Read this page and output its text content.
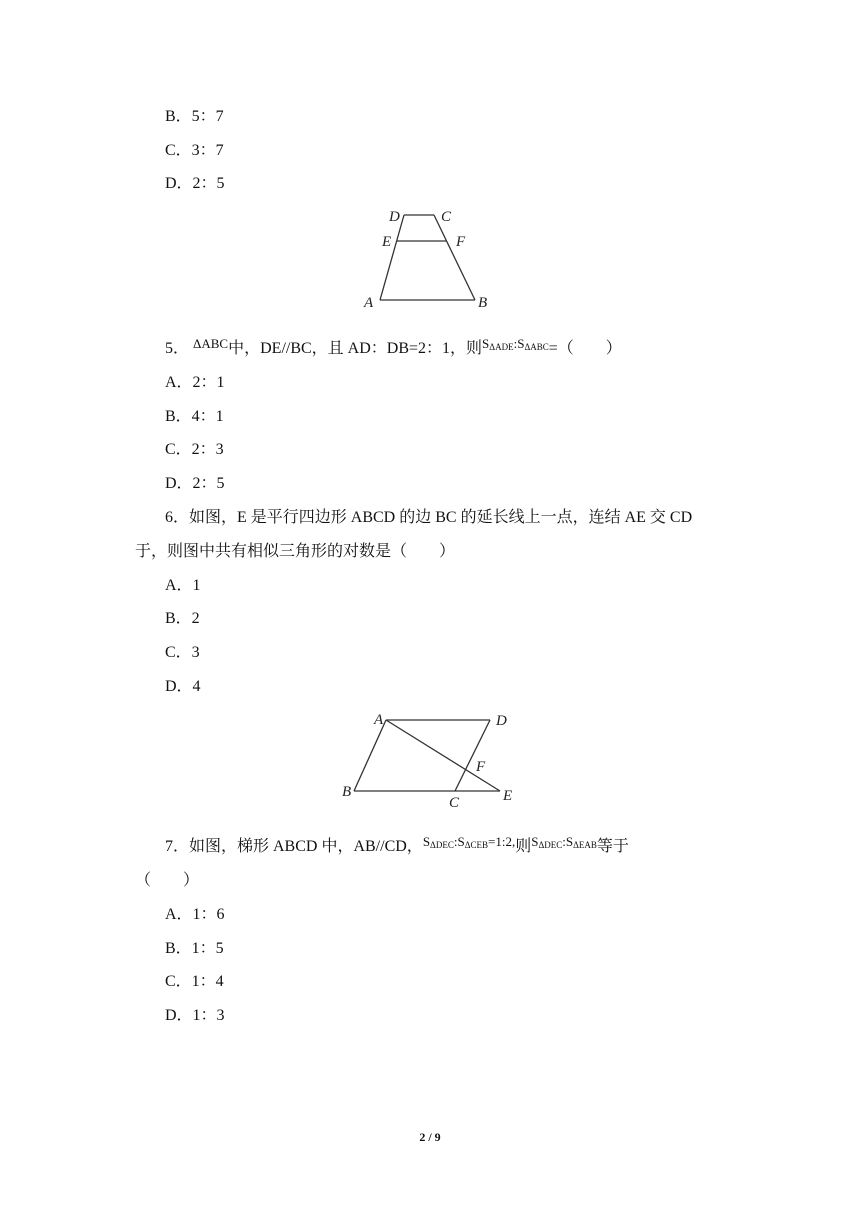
B．5：7
C．3：7
D．2：5
D	C
E	F
A	B
5． $^{\Delta ABC}$中，DE//BC，且 AD：DB=2：1，则$^{S_{\Delta ADE}:S_{\Delta ABC}}$=（　　）
A．2：1
B．4：1
C．2：3
D．2：5
6．如图，E 是平行四边形 ABCD 的边 BC 的延长线上一点，连结 AE 交 CD
于，则图中共有相似三角形的对数是（　　）
A．1
B．2
C．3
D．4
A	D
F
B
C	E
7．如图，梯形 ABCD 中，AB//CD，$^{S_{\Delta DEC}:S_{\Delta CEB}=1:2,}$则$^{S_{\Delta DEC}:S_{\Delta EAB}}$等于
（　　）
A．1：6
B．1：5
C．1：4
D．1：3
2 / 9
